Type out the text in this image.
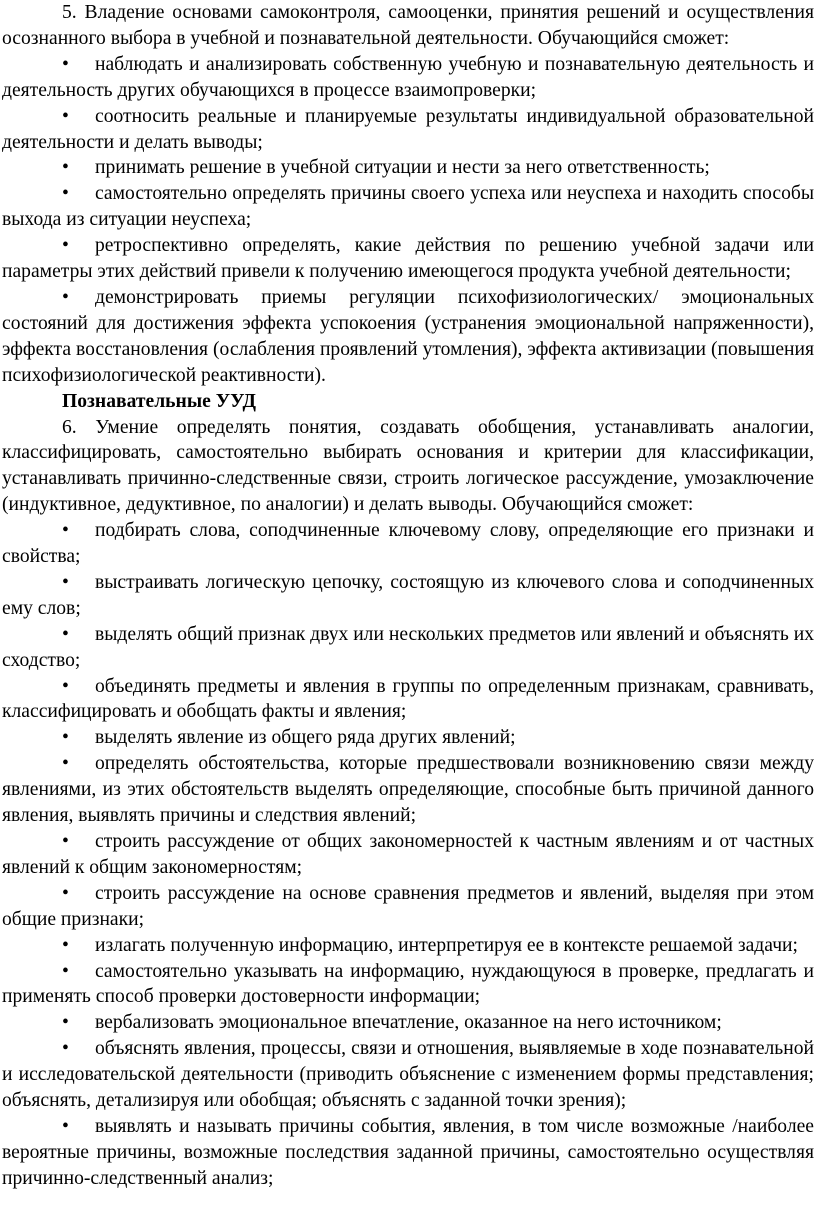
5. Владение основами самоконтроля, самооценки, принятия решений и осуществления осознанного выбора в учебной и познавательной деятельности. Обучающийся сможет:

• наблюдать и анализировать собственную учебную и познавательную деятельность и деятельность других обучающихся в процессе взаимопроверки;

• соотносить реальные и планируемые результаты индивидуальной образовательной деятельности и делать выводы;

• принимать решение в учебной ситуации и нести за него ответственность;

• самостоятельно определять причины своего успеха или неуспеха и находить способы выхода из ситуации неуспеха;

• ретроспективно определять, какие действия по решению учебной задачи или параметры этих действий привели к получению имеющегося продукта учебной деятельности;

• демонстрировать приемы регуляции психофизиологических/ эмоциональных состояний для достижения эффекта успокоения (устранения эмоциональной напряженности), эффекта восстановления (ослабления проявлений утомления), эффекта активизации (повышения психофизиологической реактивности).

Познавательные УУД

6. Умение определять понятия, создавать обобщения, устанавливать аналогии, классифицировать, самостоятельно выбирать основания и критерии для классификации, устанавливать причинно-следственные связи, строить логическое рассуждение, умозаключение (индуктивное, дедуктивное, по аналогии) и делать выводы. Обучающийся сможет:

• подбирать слова, соподчиненные ключевому слову, определяющие его признаки и свойства;

• выстраивать логическую цепочку, состоящую из ключевого слова и соподчиненных ему слов;

• выделять общий признак двух или нескольких предметов или явлений и объяснять их сходство;

• объединять предметы и явления в группы по определенным признакам, сравнивать, классифицировать и обобщать факты и явления;

• выделять явление из общего ряда других явлений;

• определять обстоятельства, которые предшествовали возникновению связи между явлениями, из этих обстоятельств выделять определяющие, способные быть причиной данного явления, выявлять причины и следствия явлений;

• строить рассуждение от общих закономерностей к частным явлениям и от частных явлений к общим закономерностям;

• строить рассуждение на основе сравнения предметов и явлений, выделяя при этом общие признаки;

• излагать полученную информацию, интерпретируя ее в контексте решаемой задачи;

• самостоятельно указывать на информацию, нуждающуюся в проверке, предлагать и применять способ проверки достоверности информации;

• вербализовать эмоциональное впечатление, оказанное на него источником;

• объяснять явления, процессы, связи и отношения, выявляемые в ходе познавательной и исследовательской деятельности (приводить объяснение с изменением формы представления; объяснять, детализируя или обобщая; объяснять с заданной точки зрения);

• выявлять и называть причины события, явления, в том числе возможные /наиболее вероятные причины, возможные последствия заданной причины, самостоятельно осуществляя причинно-следственный анализ;
